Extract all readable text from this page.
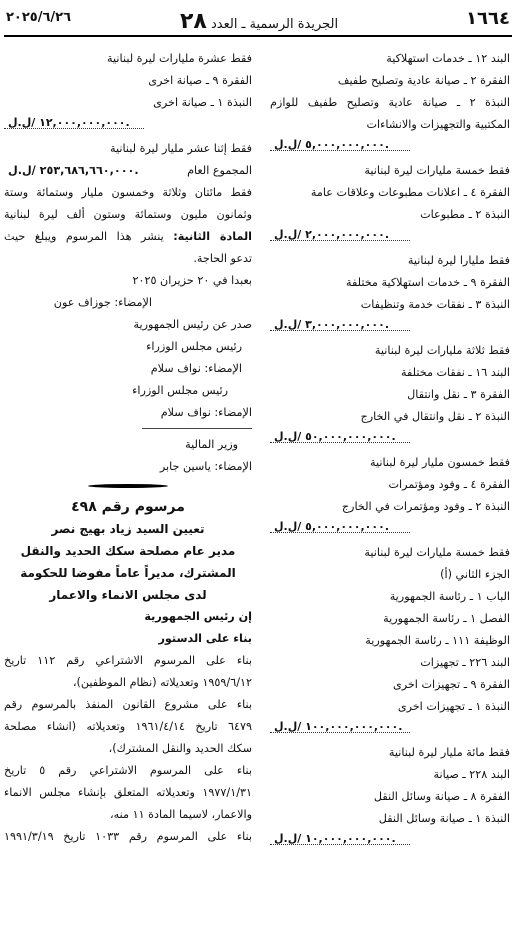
٢٠٢٥/٦/٢٦	الجريدة الرسمية ـ العدد ٢٨	١٦٦٤
البند ١٢ ـ خدمات استهلاكية
الفقرة ٢ ـ صيانة عادية وتصليح طفيف
النبذة ٢ ـ صيانة عادية وتصليح طفيف للوازم
المكتبية والتجهيزات والانشاءات
٥,٠٠٠,٠٠٠,٠٠٠ /ل.ل.
فقط خمسة مليارات ليرة لبنانية
الفقرة ٤ ـ اعلانات مطبوعات وعلاقات عامة
النبذة ٢ ـ مطبوعات
٢,٠٠٠,٠٠٠,٠٠٠ /ل.ل.
فقط مليارا ليرة لبنانية
الفقرة ٩ ـ خدمات استهلاكية مختلفة
النبذة ٣ ـ نفقات خدمة وتنظيفات
٣,٠٠٠,٠٠٠,٠٠٠ /ل.ل.
فقط ثلاثة مليارات ليرة لبنانية
البند ١٦ ـ نفقات مختلفة
الفقرة ٣ ـ نقل وانتقال
النبذة ٢ ـ نقل وانتقال في الخارج
٥٠,٠٠٠,٠٠٠,٠٠٠ /ل.ل.
فقط خمسون مليار ليرة لبنانية
الفقرة ٤ ـ وفود ومؤتمرات
النبذة ٢ ـ وفود ومؤتمرات في الخارج
٥,٠٠٠,٠٠٠,٠٠٠ /ل.ل.
فقط خمسة مليارات ليرة لبنانية
الجزء الثاني (أ)
الباب ١ ـ رئاسة الجمهورية
الفصل ١ ـ رئاسة الجمهورية
الوظيفة ١١١ ـ رئاسة الجمهورية
البند ٢٢٦ ـ تجهيزات
الفقرة ٩ ـ تجهيزات اخرى
النبذة ١ ـ تجهيزات اخرى
١٠٠,٠٠٠,٠٠٠,٠٠٠ /ل.ل.
فقط مائة مليار ليرة لبنانية
البند ٢٢٨ ـ صيانة
الفقرة ٨ ـ صيانة وسائل النقل
النبذة ١ ـ صيانة وسائل النقل
١٠,٠٠٠,٠٠٠,٠٠٠ /ل.ل.
فقط عشرة مليارات ليرة لبنانية
الفقرة ٩ ـ صيانة اخرى
النبذة ١ ـ صيانة اخرى
١٢,٠٠٠,٠٠٠,٠٠٠ /ل.ل.
فقط إثنا عشر مليار ليرة لبنانية
المجموع العام
٢٥٣,٦٨٦,٦٦٠,٠٠٠ /ل.ل.
فقط مائتان وثلاثة وخمسون مليار وستمائة وستة
وثمانون مليون وستمائة وستون ألف ليرة لبنانية
المادة الثانية: ينشر هذا المرسوم ويبلغ حيث
تدعو الحاجة.
بعبدا في ٢٠ حزيران ٢٠٢٥
الإمضاء: جوزاف عون
صدر عن رئيس الجمهورية
رئيس مجلس الوزراء
الإمضاء: نواف سلام
رئيس مجلس الوزراء
الإمضاء: نواف سلام
وزير المالية
الإمضاء: ياسين جابر
مرسوم رقم ٤٩٨
تعيين السيد زياد بهيج نصر
مدير عام مصلحة سكك الحديد والنقل
المشترك، مديراً عاماً مفوضا للحكومة
لدى مجلس الانماء والاعمار
إن رئيس الجمهورية
بناء على الدستور
بناء على المرسوم الاشتراعي رقم ١١٢ تاريخ
١٩٥٩/٦/١٢ وتعديلاته (نظام الموظفين)،
بناء على مشروع القانون المنفذ بالمرسوم رقم
٦٤٧٩ تاريخ ١٩٦١/٤/١٤ وتعديلاته (انشاء مصلحة
سكك الحديد والنقل المشترك)،
بناء على المرسوم الاشتراعي رقم ٥ تاريخ
١٩٧٧/١/٣١ وتعديلاته المتعلق بإنشاء مجلس الانماء
والاعمار، لاسيما المادة ١١ منه،
بناء على المرسوم رقم ١٠٣٣ تاريخ ١٩٩١/٣/١٩
